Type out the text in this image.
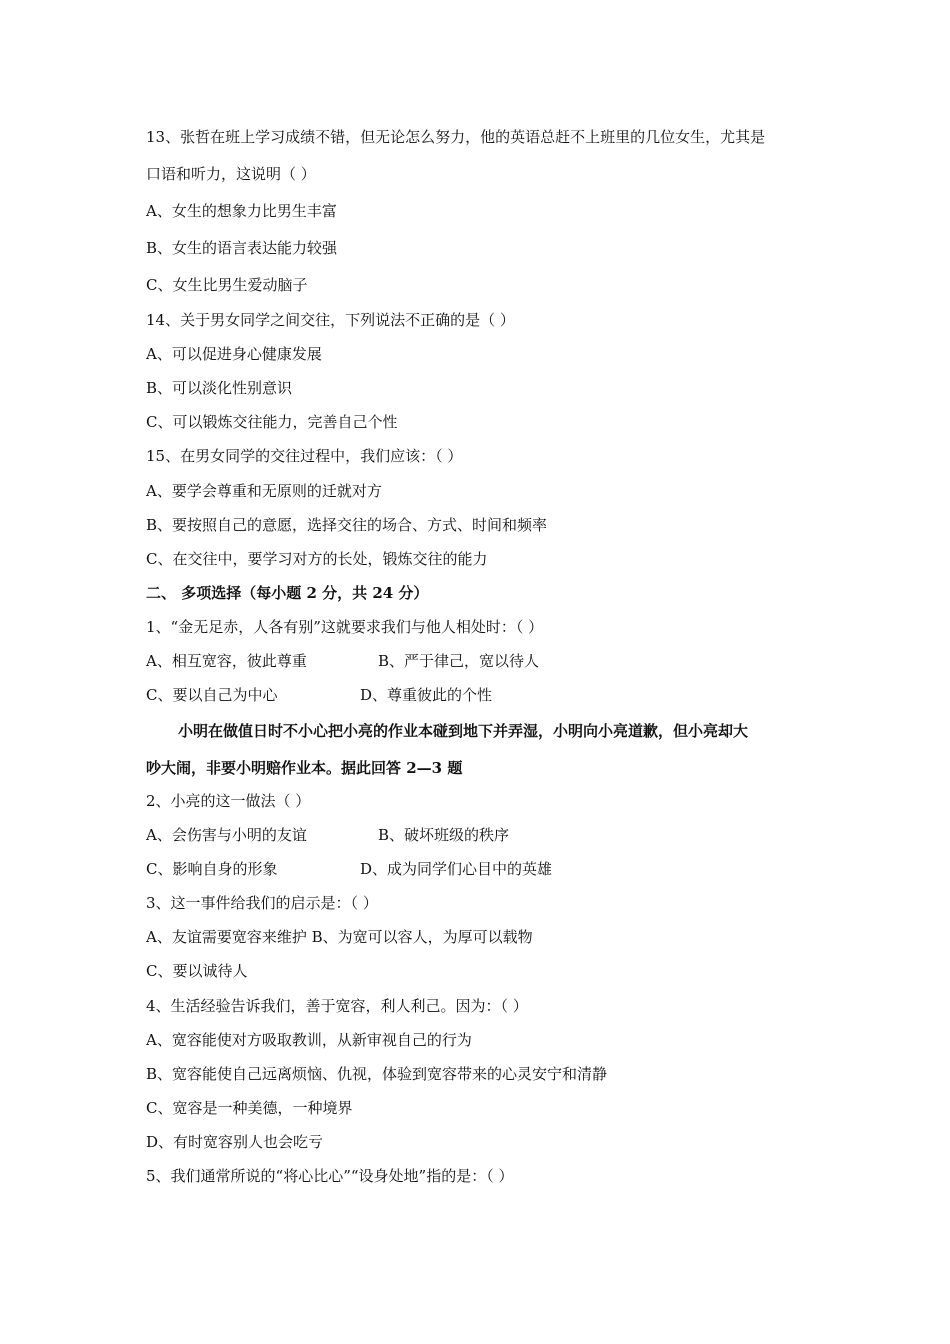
13、张哲在班上学习成绩不错，但无论怎么努力，他的英语总赶不上班里的几位女生，尤其是
口语和听力，这说明（ ）
A、女生的想象力比男生丰富
B、女生的语言表达能力较强
C、女生比男生爱动脑子
14、关于男女同学之间交往，下列说法不正确的是（ ）
A、可以促进身心健康发展
B、可以淡化性别意识
C、可以锻炼交往能力，完善自己个性
15、在男女同学的交往过程中，我们应该：（ ）
A、要学会尊重和无原则的迁就对方
B、要按照自己的意愿，选择交往的场合、方式、时间和频率
C、在交往中，要学习对方的长处，锻炼交往的能力
二、 多项选择（每小题 2 分，共 24 分）
1、“金无足赤，人各有别”这就要求我们与他人相处时：（ ）
A、相互宽容，彼此尊重	B、严于律己，宽以待人
C、要以自己为中心	D、尊重彼此的个性
小明在做值日时不小心把小亮的作业本碰到地下并弄湿，小明向小亮道歉，但小亮却大
吵大闹，非要小明赔作业本。据此回答 2—3 题
2、小亮的这一做法（ ）
A、会伤害与小明的友谊	B、破坏班级的秩序
C、影响自身的形象	D、成为同学们心目中的英雄
3、这一事件给我们的启示是：（ ）
A、友谊需要宽容来维护 B、为宽可以容人，为厚可以载物
C、要以诚待人
4、生活经验告诉我们，善于宽容，利人利己。因为：（ ）
A、宽容能使对方吸取教训，从新审视自己的行为
B、宽容能使自己远离烦恼、仇视，体验到宽容带来的心灵安宁和清静
C、宽容是一种美德，一种境界
D、有时宽容别人也会吃亏
5、我们通常所说的“将心比心”“设身处地”指的是：（ ）
